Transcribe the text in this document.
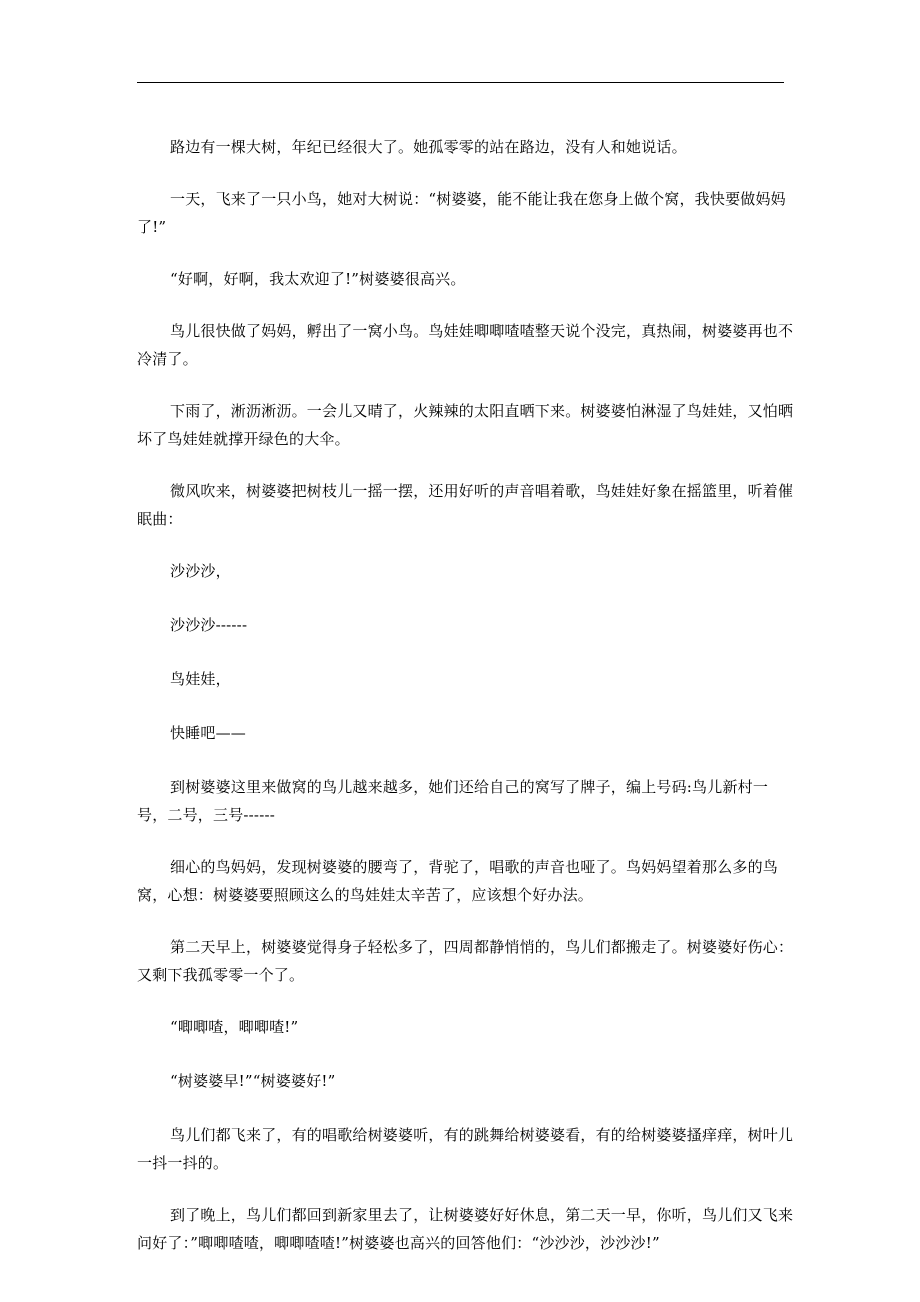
路边有一棵大树，年纪已经很大了。她孤零零的站在路边，没有人和她说话。

一天，飞来了一只小鸟，她对大树说：“树婆婆，能不能让我在您身上做个窝，我快要做妈妈了!”

“好啊，好啊，我太欢迎了!”树婆婆很高兴。

鸟儿很快做了妈妈，孵出了一窝小鸟。鸟娃娃唧唧喳喳整天说个没完，真热闹，树婆婆再也不冷清了。

下雨了，淅沥淅沥。一会儿又晴了，火辣辣的太阳直晒下来。树婆婆怕淋湿了鸟娃娃，又怕晒坏了鸟娃娃就撑开绿色的大伞。

微风吹来，树婆婆把树枝儿一摇一摆，还用好听的声音唱着歌，鸟娃娃好象在摇篮里，听着催眠曲：

沙沙沙，

沙沙沙------

鸟娃娃，

快睡吧——

到树婆婆这里来做窝的鸟儿越来越多，她们还给自己的窝写了牌子，编上号码:鸟儿新村一号，二号，三号------

细心的鸟妈妈，发现树婆婆的腰弯了，背驼了，唱歌的声音也哑了。鸟妈妈望着那么多的鸟窝，心想：树婆婆要照顾这么的鸟娃娃太辛苦了，应该想个好办法。

第二天早上，树婆婆觉得身子轻松多了，四周都静悄悄的，鸟儿们都搬走了。树婆婆好伤心：又剩下我孤零零一个了。

“唧唧喳，唧唧喳!”

“树婆婆早!”“树婆婆好!”

鸟儿们都飞来了，有的唱歌给树婆婆听，有的跳舞给树婆婆看，有的给树婆婆搔痒痒，树叶儿一抖一抖的。

到了晚上，鸟儿们都回到新家里去了，让树婆婆好好休息，第二天一早，你听，鸟儿们又飞来问好了：”唧唧喳喳，唧唧喳喳!”树婆婆也高兴的回答他们：“沙沙沙，沙沙沙!”
